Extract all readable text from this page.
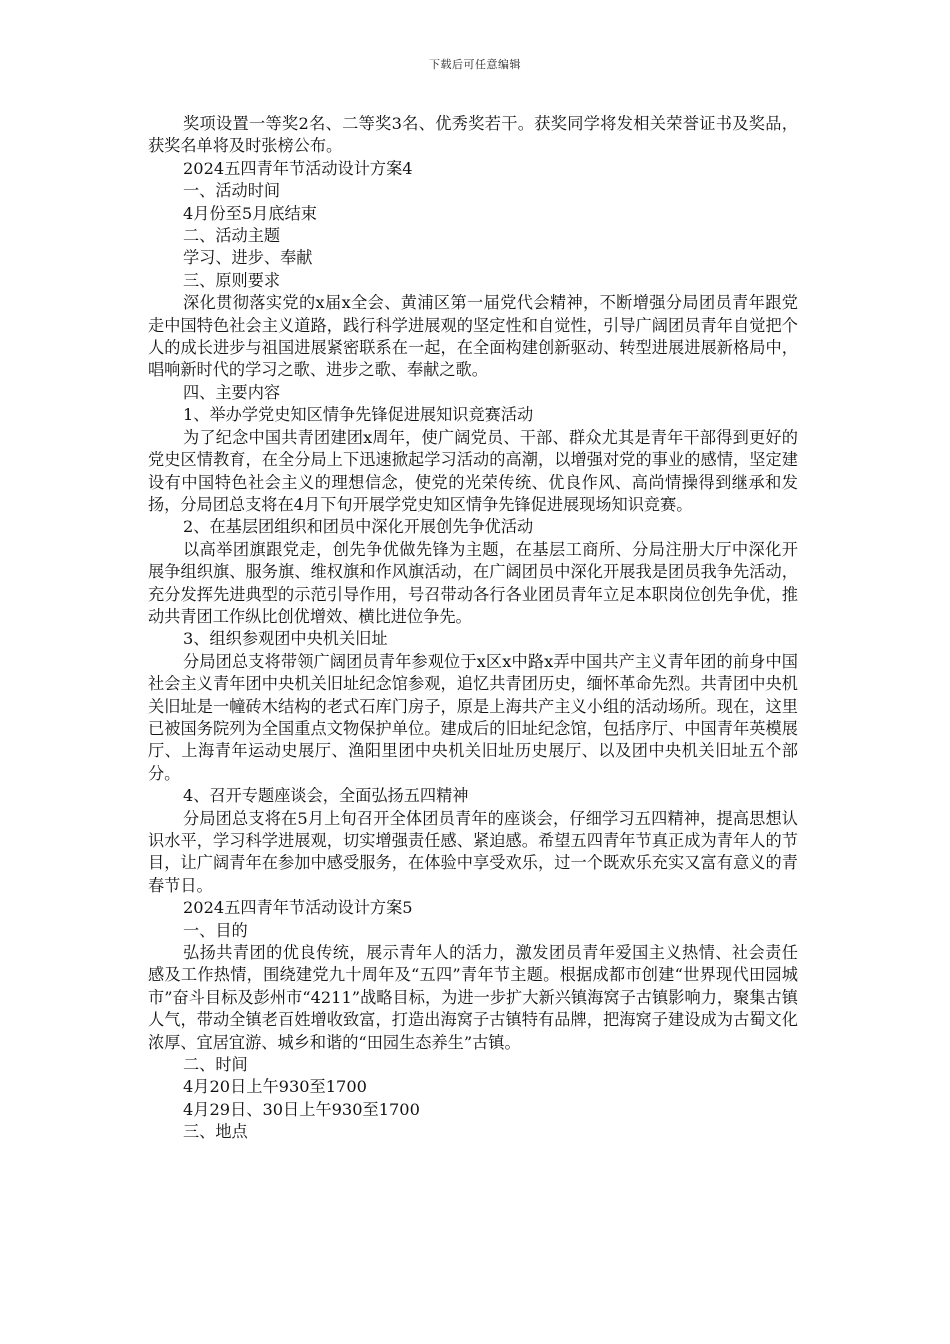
下载后可任意编辑

奖项设置一等奖2名、二等奖3名、优秀奖若干。获奖同学将发相关荣誉证书及奖品，获奖名单将及时张榜公布。

2024五四青年节活动设计方案4

一、活动时间

4月份至5月底结束

二、活动主题

学习、进步、奉献

三、原则要求

深化贯彻落实党的x届x全会、黄浦区第一届党代会精神，不断增强分局团员青年跟党走中国特色社会主义道路，践行科学进展观的坚定性和自觉性，引导广阔团员青年自觉把个人的成长进步与祖国进展紧密联系在一起，在全面构建创新驱动、转型进展进展新格局中，唱响新时代的学习之歌、进步之歌、奉献之歌。

四、主要内容

1、举办学党史知区情争先锋促进展知识竞赛活动

为了纪念中国共青团建团x周年，使广阔党员、干部、群众尤其是青年干部得到更好的党史区情教育，在全分局上下迅速掀起学习活动的高潮，以增强对党的事业的感情，坚定建设有中国特色社会主义的理想信念，使党的光荣传统、优良作风、高尚情操得到继承和发扬，分局团总支将在4月下旬开展学党史知区情争先锋促进展现场知识竞赛。

2、在基层团组织和团员中深化开展创先争优活动

以高举团旗跟党走，创先争优做先锋为主题，在基层工商所、分局注册大厅中深化开展争组织旗、服务旗、维权旗和作风旗活动，在广阔团员中深化开展我是团员我争先活动，充分发挥先进典型的示范引导作用，号召带动各行各业团员青年立足本职岗位创先争优，推动共青团工作纵比创优增效、横比进位争先。

3、组织参观团中央机关旧址

分局团总支将带领广阔团员青年参观位于x区x中路x弄中国共产主义青年团的前身中国社会主义青年团中央机关旧址纪念馆参观，追忆共青团历史，缅怀革命先烈。共青团中央机关旧址是一幢砖木结构的老式石库门房子，原是上海共产主义小组的活动场所。现在，这里已被国务院列为全国重点文物保护单位。建成后的旧址纪念馆，包括序厅、中国青年英模展厅、上海青年运动史展厅、渔阳里团中央机关旧址历史展厅、以及团中央机关旧址五个部分。

4、召开专题座谈会，全面弘扬五四精神

分局团总支将在5月上旬召开全体团员青年的座谈会，仔细学习五四精神，提高思想认识水平，学习科学进展观，切实增强责任感、紧迫感。希望五四青年节真正成为青年人的节目，让广阔青年在参加中感受服务，在体验中享受欢乐，过一个既欢乐充实又富有意义的青春节日。

2024五四青年节活动设计方案5

一、目的

弘扬共青团的优良传统，展示青年人的活力，激发团员青年爱国主义热情、社会责任感及工作热情，围绕建党九十周年及“五四”青年节主题。根据成都市创建“世界现代田园城市”奋斗目标及彭州市“4211”战略目标，为进一步扩大新兴镇海窝子古镇影响力，聚集古镇人气，带动全镇老百姓增收致富，打造出海窝子古镇特有品牌，把海窝子建设成为古蜀文化浓厚、宜居宜游、城乡和谐的“田园生态养生”古镇。

二、时间

4月20日上午930至1700

4月29日、30日上午930至1700

三、地点
